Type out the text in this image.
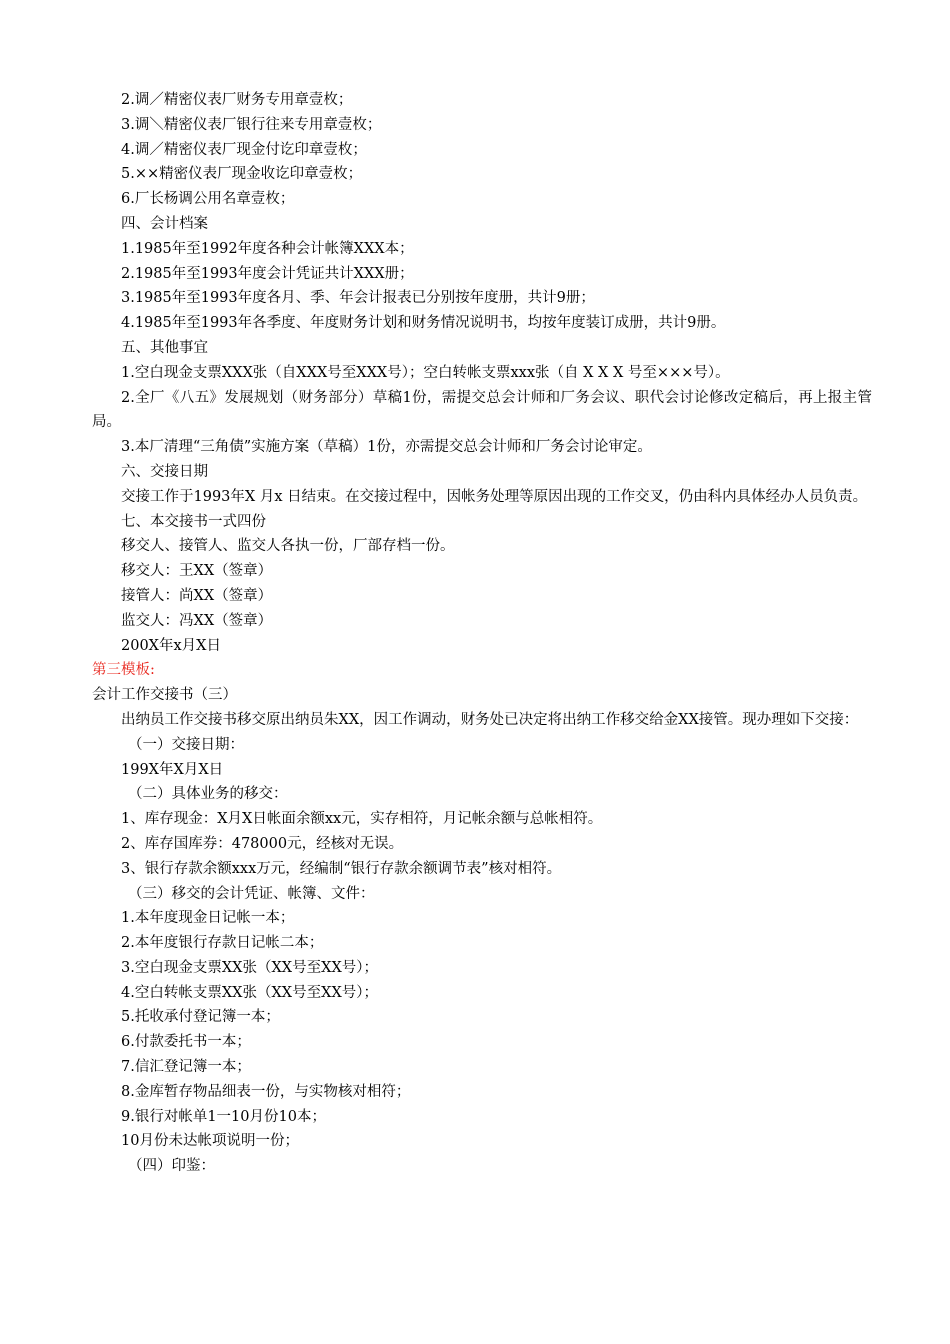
2.调／精密仪表厂财务专用章壹枚；

3.调＼精密仪表厂银行往来专用章壹枚；

4.调／精密仪表厂现金付讫印章壹枚；

5.××精密仪表厂现金收讫印章壹枚；

6.厂长杨调公用名章壹枚；

四、会计档案

1.1985年至1992年度各种会计帐簿XXX本；

2.1985年至1993年度会计凭证共计XXX册；

3.1985年至1993年度各月、季、年会计报表已分别按年度册，共计9册；

4.1985年至1993年各季度、年度财务计划和财务情况说明书，均按年度装订成册，共计9册。

五、其他事宜

1.空白现金支票XXX张（自XXX号至XXX号）；空白转帐支票xxx张（自 X X X 号至×××号）。

2.全厂《八五》发展规划（财务部分）草稿1份，需提交总会计师和厂务会议、职代会讨论修改定稿后，再上报主管局。

3.本厂清理“三角债”实施方案（草稿）1份，亦需提交总会计师和厂务会讨论审定。

六、交接日期

交接工作于1993年X 月x 日结束。在交接过程中，因帐务处理等原因出现的工作交叉，仍由科内具体经办人员负责。

七、本交接书一式四份

移交人、接管人、监交人各执一份，厂部存档一份。

移交人：王XX（签章）

接管人：尚XX（签章）

监交人：冯XX（签章）

200X年x月X日

第三模板:

会计工作交接书（三）

出纳员工作交接书移交原出纳员朱XX，因工作调动，财务处已决定将出纳工作移交给金XX接管。现办理如下交接：

（一）交接日期：

199X年X月X日

（二）具体业务的移交：

1、库存现金：X月X日帐面余额xx元，实存相符，月记帐余额与总帐相符。

2、库存国库券：478000元，经核对无误。

3、银行存款余额xxx万元，经编制“银行存款余额调节表”核对相符。

（三）移交的会计凭证、帐簿、文件：

1.本年度现金日记帐一本；

2.本年度银行存款日记帐二本；

3.空白现金支票XX张（XX号至XX号）；

4.空白转帐支票XX张（XX号至XX号）；

5.托收承付登记簿一本；

6.付款委托书一本；

7.信汇登记簿一本；

8.金库暂存物品细表一份，与实物核对相符；

9.银行对帐单1一10月份10本；

10月份未达帐项说明一份；

（四）印鉴：
